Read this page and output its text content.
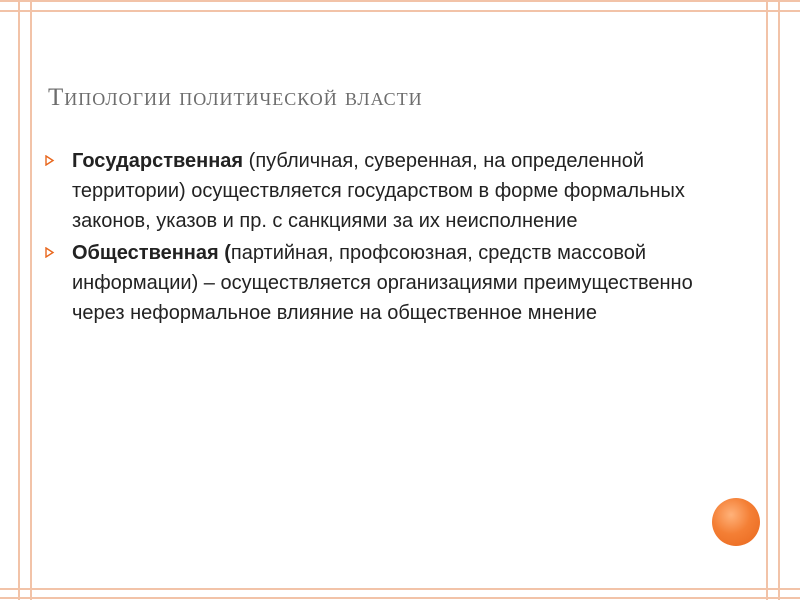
Типологии политической власти
Государственная (публичная, суверенная, на определенной территории) осуществляется государством в форме формальных законов, указов и пр. с санкциями за их неисполнение
Общественная (партийная, профсоюзная, средств массовой информации) – осуществляется организациями преимущественно через неформальное влияние на общественное мнение
